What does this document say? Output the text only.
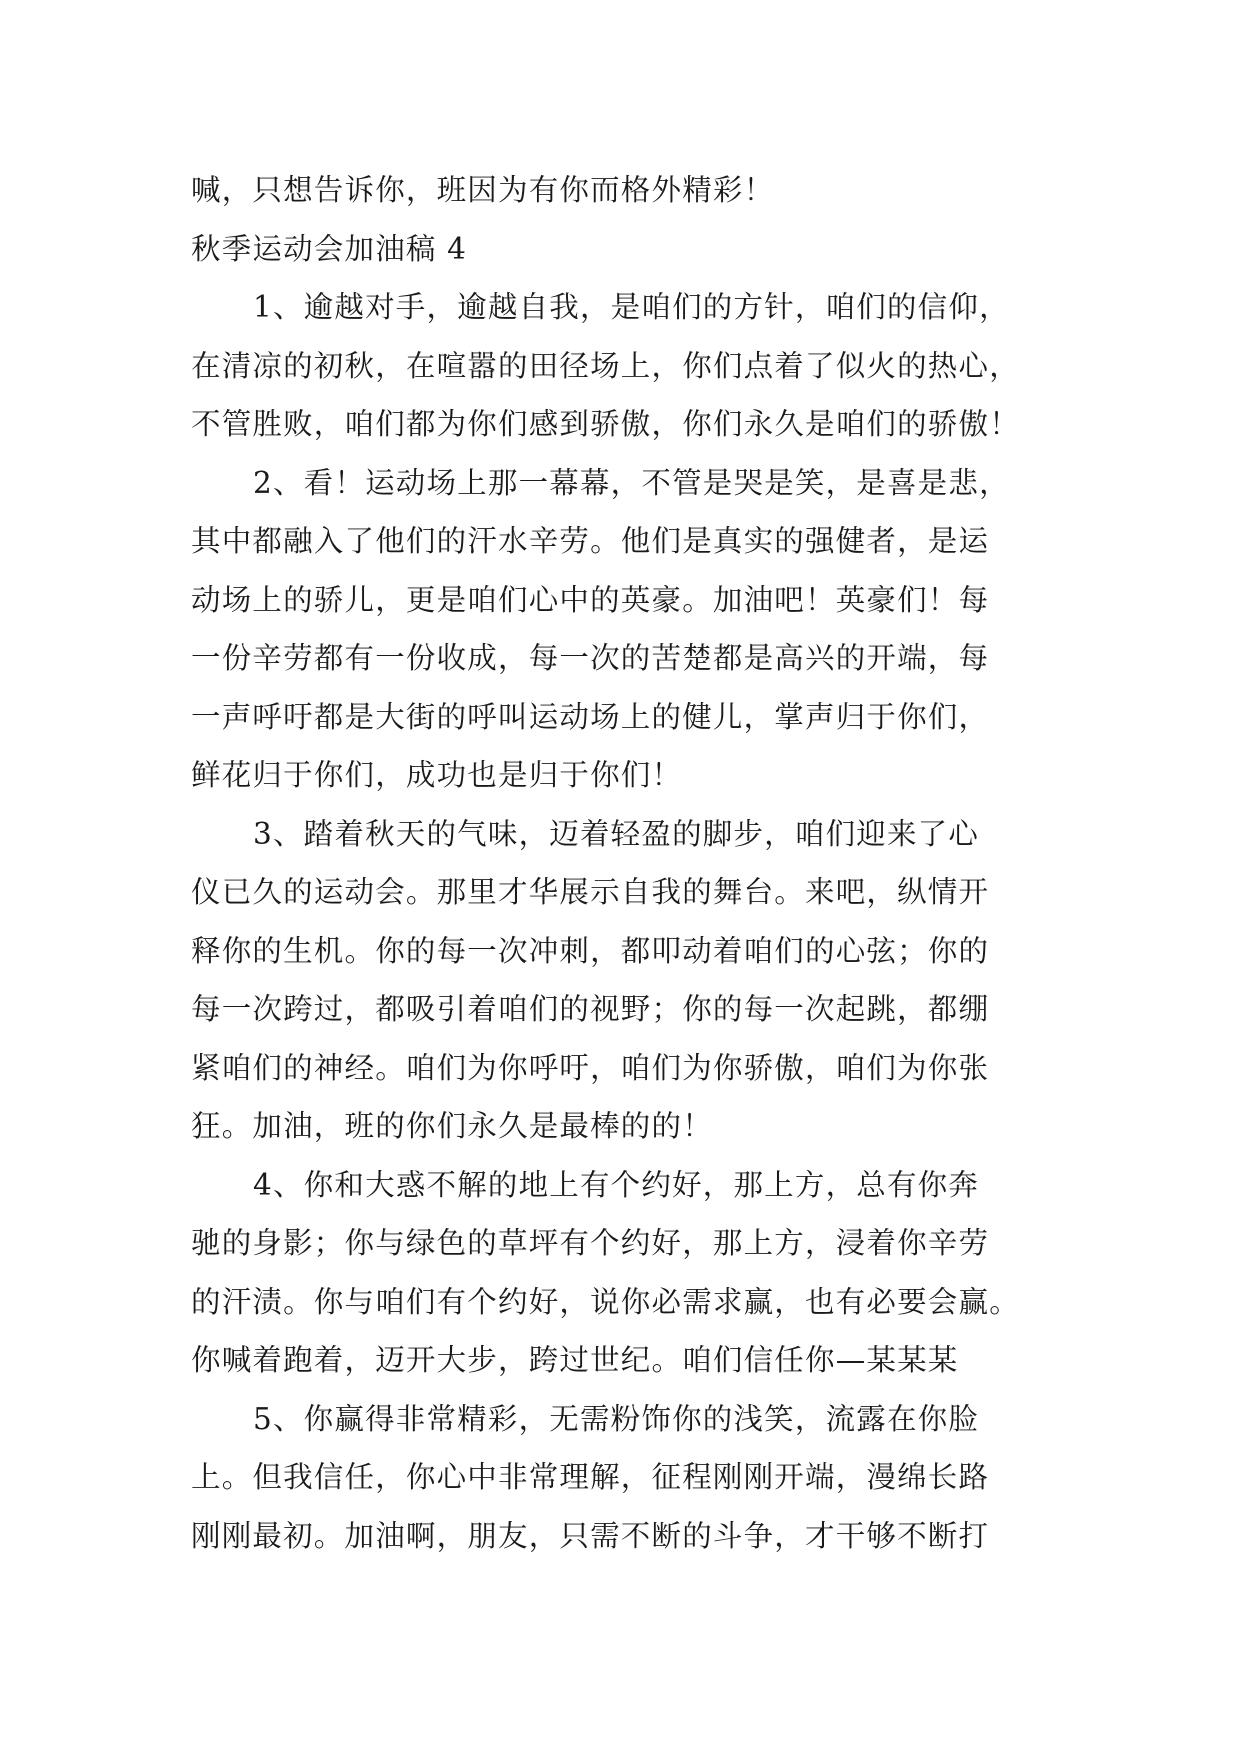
喊，只想告诉你，班因为有你而格外精彩！
秋季运动会加油稿 4
1、逾越对手，逾越自我，是咱们的方针，咱们的信仰，
在清凉的初秋，在喧嚣的田径场上，你们点着了似火的热心，
不管胜败，咱们都为你们感到骄傲，你们永久是咱们的骄傲！
2、看！运动场上那一幕幕，不管是哭是笑，是喜是悲，
其中都融入了他们的汗水辛劳。他们是真实的强健者，是运
动场上的骄儿，更是咱们心中的英豪。加油吧！英豪们！每
一份辛劳都有一份收成，每一次的苦楚都是高兴的开端，每
一声呼吁都是大街的呼叫运动场上的健儿，掌声归于你们，
鲜花归于你们，成功也是归于你们！
3、踏着秋天的气味，迈着轻盈的脚步，咱们迎来了心
仪已久的运动会。那里才华展示自我的舞台。来吧，纵情开
释你的生机。你的每一次冲刺，都叩动着咱们的心弦；你的
每一次跨过，都吸引着咱们的视野；你的每一次起跳，都绷
紧咱们的神经。咱们为你呼吁，咱们为你骄傲，咱们为你张
狂。加油，班的你们永久是最棒的的！
4、你和大惑不解的地上有个约好，那上方，总有你奔
驰的身影；你与绿色的草坪有个约好，那上方，浸着你辛劳
的汗渍。你与咱们有个约好，说你必需求赢，也有必要会赢。
你喊着跑着，迈开大步，跨过世纪。咱们信任你—某某某
5、你赢得非常精彩，无需粉饰你的浅笑，流露在你脸
上。但我信任，你心中非常理解，征程刚刚开端，漫绵长路
刚刚最初。加油啊，朋友，只需不断的斗争，才干够不断打
